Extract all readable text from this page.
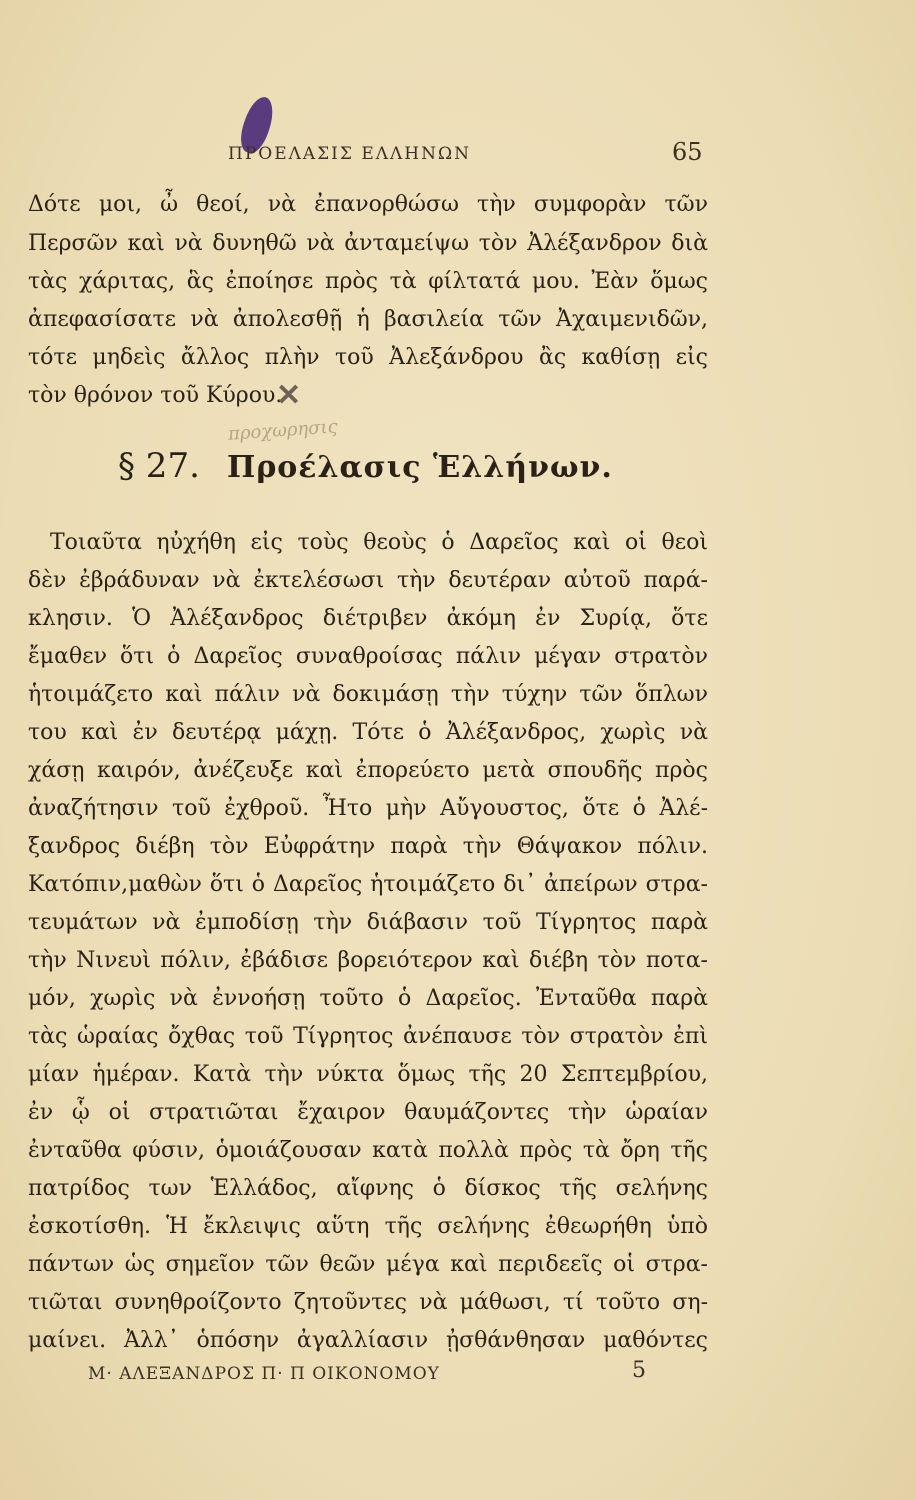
ΠΡΟΕΛΑΣΙΣ ΕΛΛΗΝΩΝ	65
Δότε μοι, ὦ θεοί, νὰ ἐπανορθώσω τὴν συμφορὰν τῶν
Περσῶν καὶ νὰ δυνηθῶ νὰ ἀνταμείψω τὸν Ἀλέξανδρον διὰ
τὰς χάριτας, ἃς ἐποίησε πρὸς τὰ φίλτατά μου. Ἐὰν ὅμως
ἀπεφασίσατε νὰ ἀπολεσθῇ ἡ βασιλεία τῶν Ἀχαιμενιδῶν,
τότε μηδεὶς ἄλλος πλὴν τοῦ Ἀλεξάνδρου ἂς καθίσῃ εἰς
τὸν θρόνον τοῦ Κύρου.
✕
προχωρησις
§ 27. Προέλασις Ἑλλήνων.
Τοιαῦτα ηὐχήθη εἰς τοὺς θεοὺς ὁ Δαρεῖος καὶ οἱ θεοὶ
δὲν ἐβράδυναν νὰ ἐκτελέσωσι τὴν δευτέραν αὐτοῦ παρά-
κλησιν. Ὁ Ἀλέξανδρος διέτριβεν ἀκόμη ἐν Συρίᾳ, ὅτε
ἔμαθεν ὅτι ὁ Δαρεῖος συναθροίσας πάλιν μέγαν στρατὸν
ἡτοιμάζετο καὶ πάλιν νὰ δοκιμάσῃ τὴν τύχην τῶν ὅπλων
του καὶ ἐν δευτέρᾳ μάχῃ. Τότε ὁ Ἀλέξανδρος, χωρὶς νὰ
χάσῃ καιρόν, ἀνέζευξε καὶ ἐπορεύετο μετὰ σπουδῆς πρὸς
ἀναζήτησιν τοῦ ἐχθροῦ. Ἦτο μὴν Αὔγουστος, ὅτε ὁ Ἀλέ-
ξανδρος διέβη τὸν Εὐφράτην παρὰ τὴν Θάψακον πόλιν.
Κατόπιν,μαθὼν ὅτι ὁ Δαρεῖος ἡτοιμάζετο δι᾽ ἀπείρων στρα-
τευμάτων νὰ ἐμποδίσῃ τὴν διάβασιν τοῦ Τίγρητος παρὰ
τὴν Νινευὶ πόλιν, ἐβάδισε βορειότερον καὶ διέβη τὸν ποτα-
μόν, χωρὶς νὰ ἐννοήσῃ τοῦτο ὁ Δαρεῖος. Ἐνταῦθα παρὰ
τὰς ὡραίας ὄχθας τοῦ Τίγρητος ἀνέπαυσε τὸν στρατὸν ἐπὶ
μίαν ἡμέραν. Κατὰ τὴν νύκτα ὅμως τῆς 20 Σεπτεμβρίου,
ἐν ᾧ οἱ στρατιῶται ἔχαιρον θαυμάζοντες τὴν ὡραίαν
ἐνταῦθα φύσιν, ὁμοιάζουσαν κατὰ πολλὰ πρὸς τὰ ὄρη τῆς
πατρίδος των Ἑλλάδος, αἴφνης ὁ δίσκος τῆς σελήνης
ἐσκοτίσθη. Ἡ ἔκλειψις αὕτη τῆς σελήνης ἐθεωρήθη ὑπὸ
πάντων ὡς σημεῖον τῶν θεῶν μέγα καὶ περιδεεῖς οἱ στρα-
τιῶται συνηθροίζοντο ζητοῦντες νὰ μάθωσι, τί τοῦτο ση-
μαίνει. Ἀλλ᾽ ὁπόσην ἀγαλλίασιν ᾐσθάνθησαν μαθόντες
Μ· ΑΛΕΞΑΝΔΡΟΣ Π· Π ΟΙΚΟΝΟΜΟΥ	5
